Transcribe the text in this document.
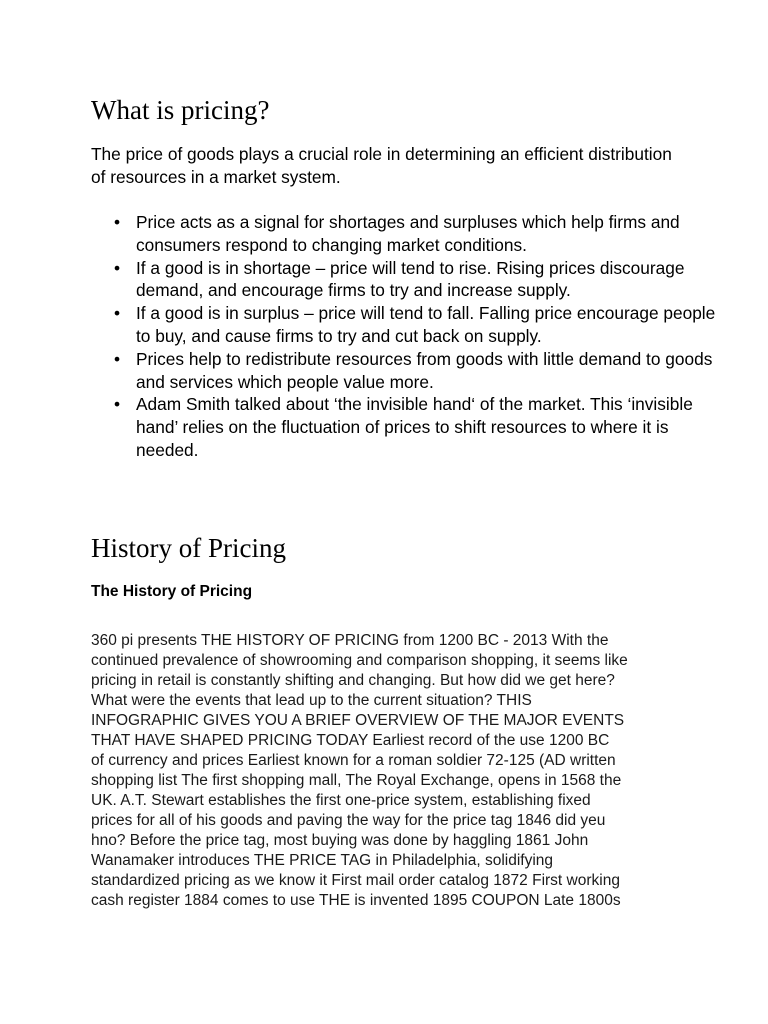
What is pricing?

The price of goods plays a crucial role in determining an efficient distribution of resources in a market system.

• Price acts as a signal for shortages and surpluses which help firms and consumers respond to changing market conditions.
• If a good is in shortage – price will tend to rise. Rising prices discourage demand, and encourage firms to try and increase supply.
• If a good is in surplus – price will tend to fall. Falling price encourage people to buy, and cause firms to try and cut back on supply.
• Prices help to redistribute resources from goods with little demand to goods and services which people value more.
• Adam Smith talked about ‘the invisible hand‘ of the market. This ‘invisible hand’ relies on the fluctuation of prices to shift resources to where it is needed.
History of Pricing

The History of Pricing

360 pi presents THE HISTORY OF PRICING from 1200 BC - 2013 With the
continued prevalence of showrooming and comparison shopping, it seems like
pricing in retail is constantly shifting and changing. But how did we get here?
What were the events that lead up to the current situation? THIS
INFOGRAPHIC GIVES YOU A BRIEF OVERVIEW OF THE MAJOR EVENTS
THAT HAVE SHAPED PRICING TODAY Earliest record of the use 1200 BC
of currency and prices Earliest known for a roman soldier 72-125 (AD written
shopping list The first shopping mall, The Royal Exchange, opens in 1568 the
UK. A.T. Stewart establishes the first one-price system, establishing fixed
prices for all of his goods and paving the way for the price tag 1846 did yeu
hno? Before the price tag, most buying was done by haggling 1861 John
Wanamaker introduces THE PRICE TAG in Philadelphia, solidifying
standardized pricing as we know it First mail order catalog 1872 First working
cash register 1884 comes to use THE is invented 1895 COUPON Late 1800s
